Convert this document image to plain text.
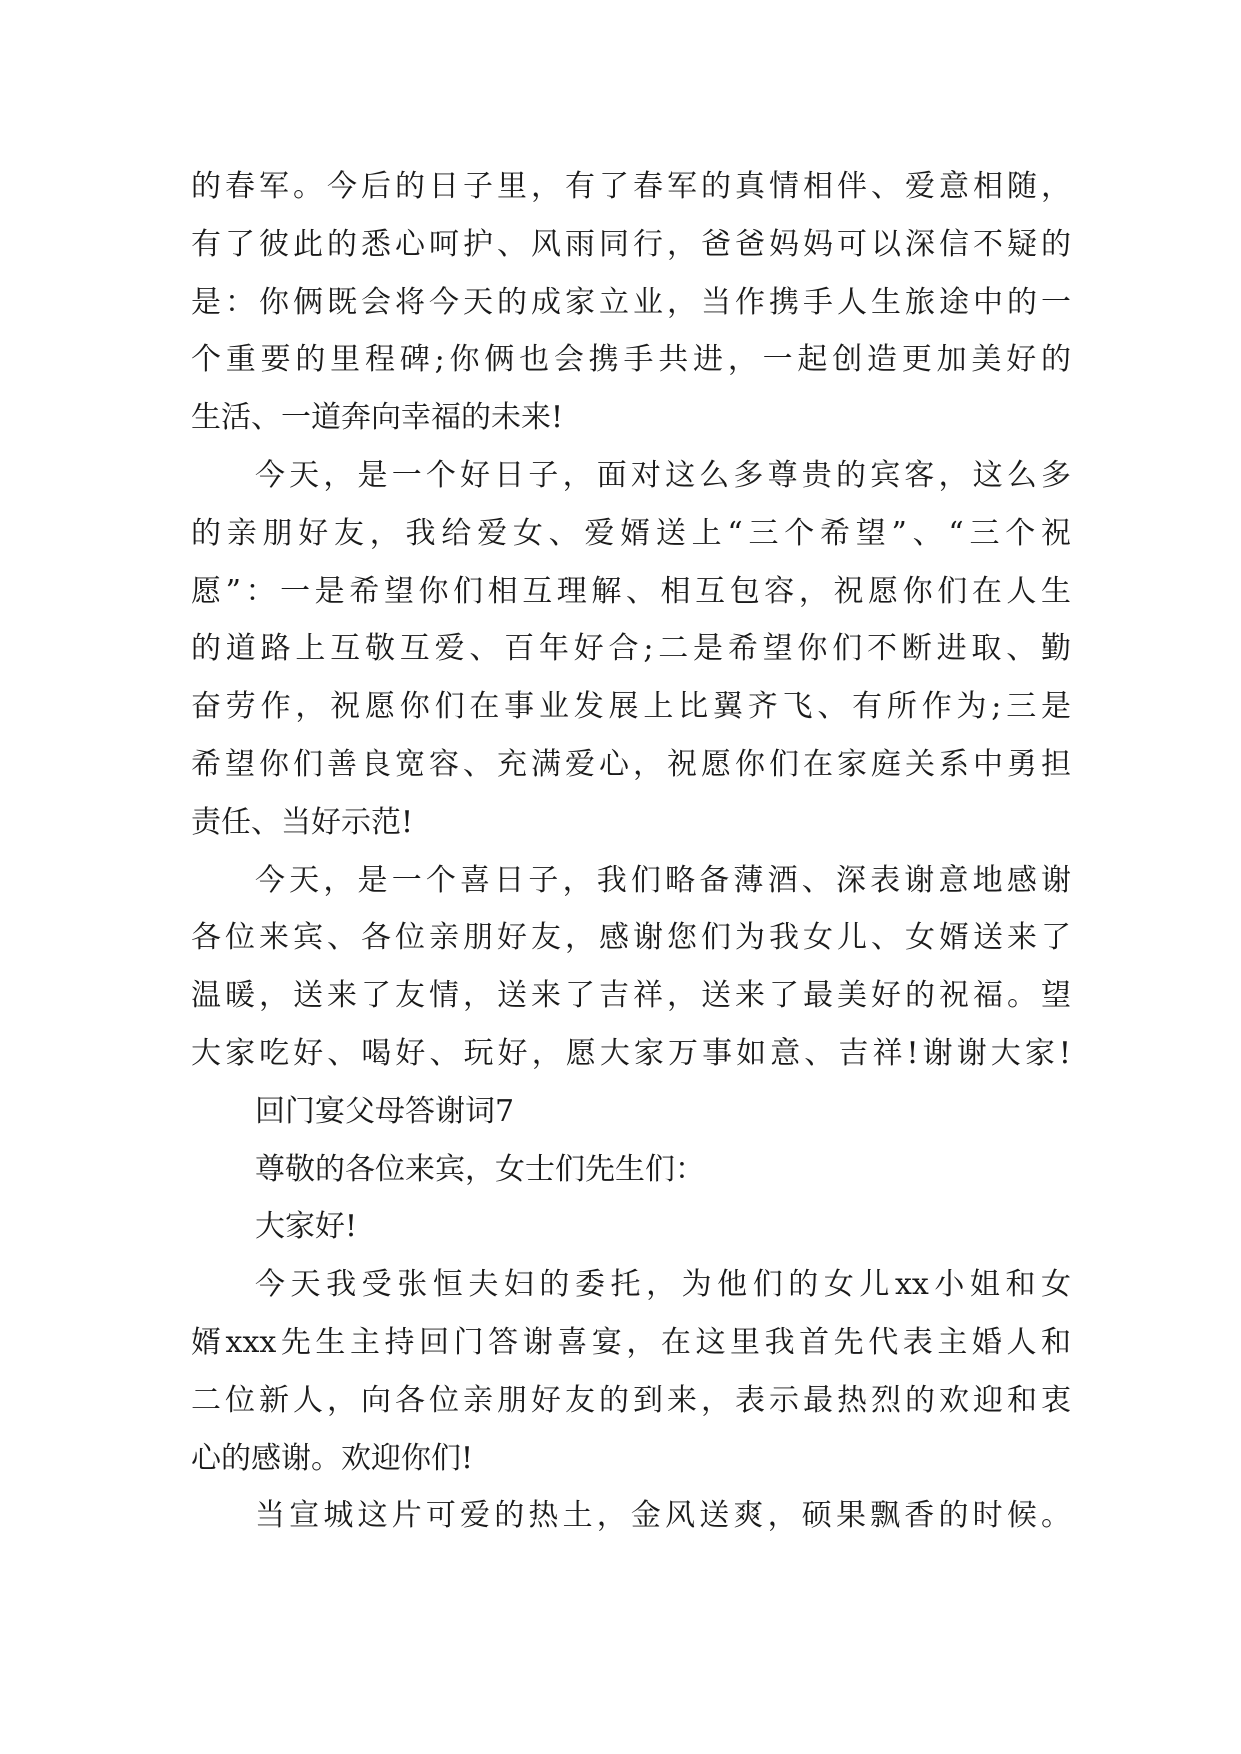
的春军。今后的日子里，有了春军的真情相伴、爱意相随，
有了彼此的悉心呵护、风雨同行，爸爸妈妈可以深信不疑的
是：你俩既会将今天的成家立业，当作携手人生旅途中的一
个重要的里程碑;你俩也会携手共进，一起创造更加美好的
生活、一道奔向幸福的未来!
今天，是一个好日子，面对这么多尊贵的宾客，这么多
的亲朋好友，我给爱女、爱婿送上“三个希望”、“三个祝
愿”：一是希望你们相互理解、相互包容，祝愿你们在人生
的道路上互敬互爱、百年好合;二是希望你们不断进取、勤
奋劳作，祝愿你们在事业发展上比翼齐飞、有所作为;三是
希望你们善良宽容、充满爱心，祝愿你们在家庭关系中勇担
责任、当好示范!
今天，是一个喜日子，我们略备薄酒、深表谢意地感谢
各位来宾、各位亲朋好友，感谢您们为我女儿、女婿送来了
温暖，送来了友情，送来了吉祥，送来了最美好的祝福。望
大家吃好、喝好、玩好，愿大家万事如意、吉祥!谢谢大家!
回门宴父母答谢词7
尊敬的各位来宾，女士们先生们：
大家好!
今天我受张恒夫妇的委托，为他们的女儿xx小姐和女
婿xxx先生主持回门答谢喜宴，在这里我首先代表主婚人和
二位新人，向各位亲朋好友的到来，表示最热烈的欢迎和衷
心的感谢。欢迎你们!
当宣城这片可爱的热土，金风送爽，硕果飘香的时候。
